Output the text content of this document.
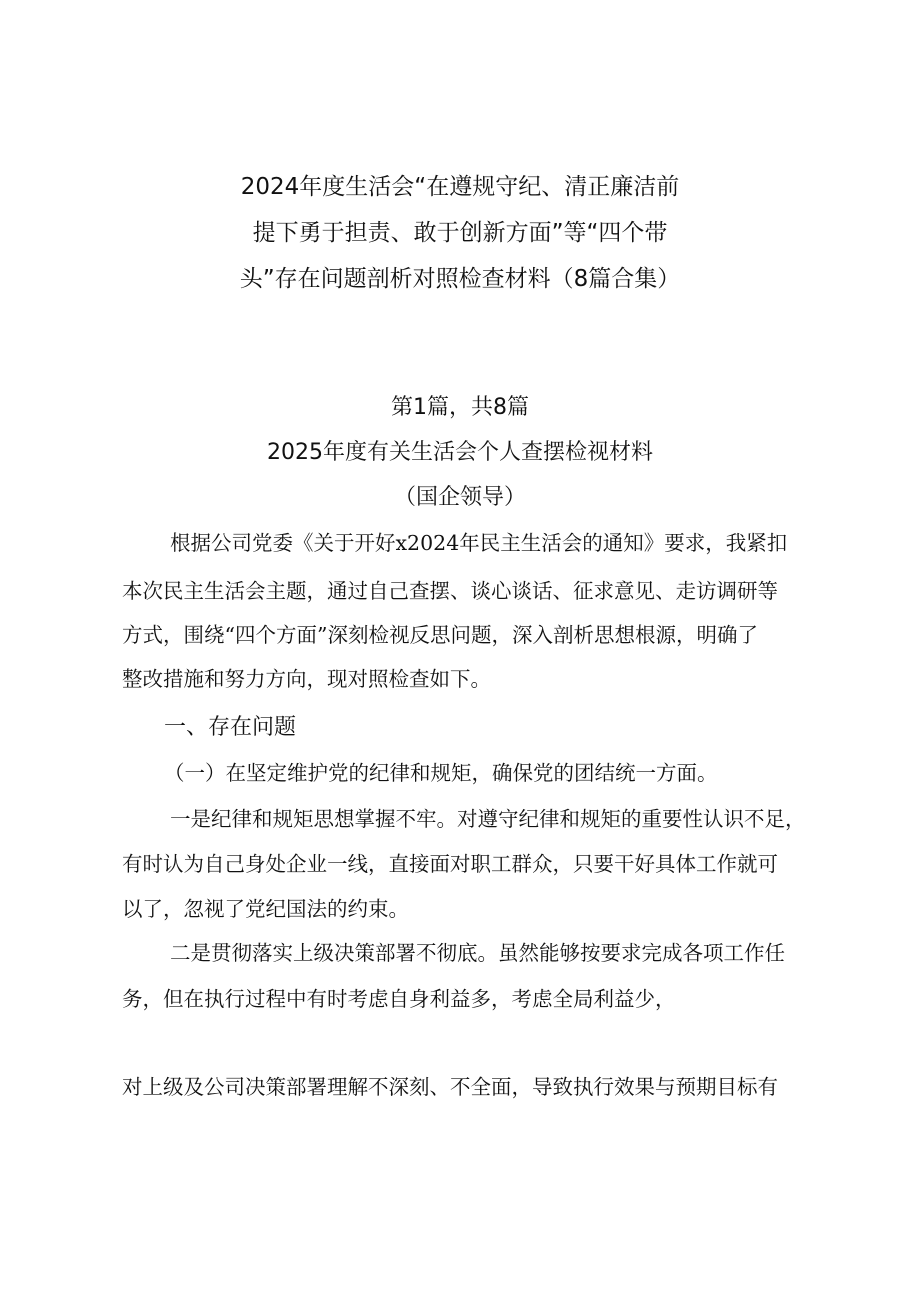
2024年度生活会“在遵规守纪、清正廉洁前
提下勇于担责、敢于创新方面”等“四个带
头”存在问题剖析对照检查材料（8篇合集）
第1篇，共8篇
2025年度有关生活会个人查摆检视材料
（国企领导）
根据公司党委《关于开好x2024年民主生活会的通知》要求，我紧扣
本次民主生活会主题，通过自己查摆、谈心谈话、征求意见、走访调研等
方式，围绕“四个方面”深刻检视反思问题，深入剖析思想根源，明确了
整改措施和努力方向，现对照检查如下。
一、存在问题
（一）在坚定维护党的纪律和规矩，确保党的团结统一方面。
一是纪律和规矩思想掌握不牢。对遵守纪律和规矩的重要性认识不足，
有时认为自己身处企业一线，直接面对职工群众，只要干好具体工作就可
以了，忽视了党纪国法的约束。
二是贯彻落实上级决策部署不彻底。虽然能够按要求完成各项工作任
务，但在执行过程中有时考虑自身利益多，考虑全局利益少，
对上级及公司决策部署理解不深刻、不全面，导致执行效果与预期目标有
